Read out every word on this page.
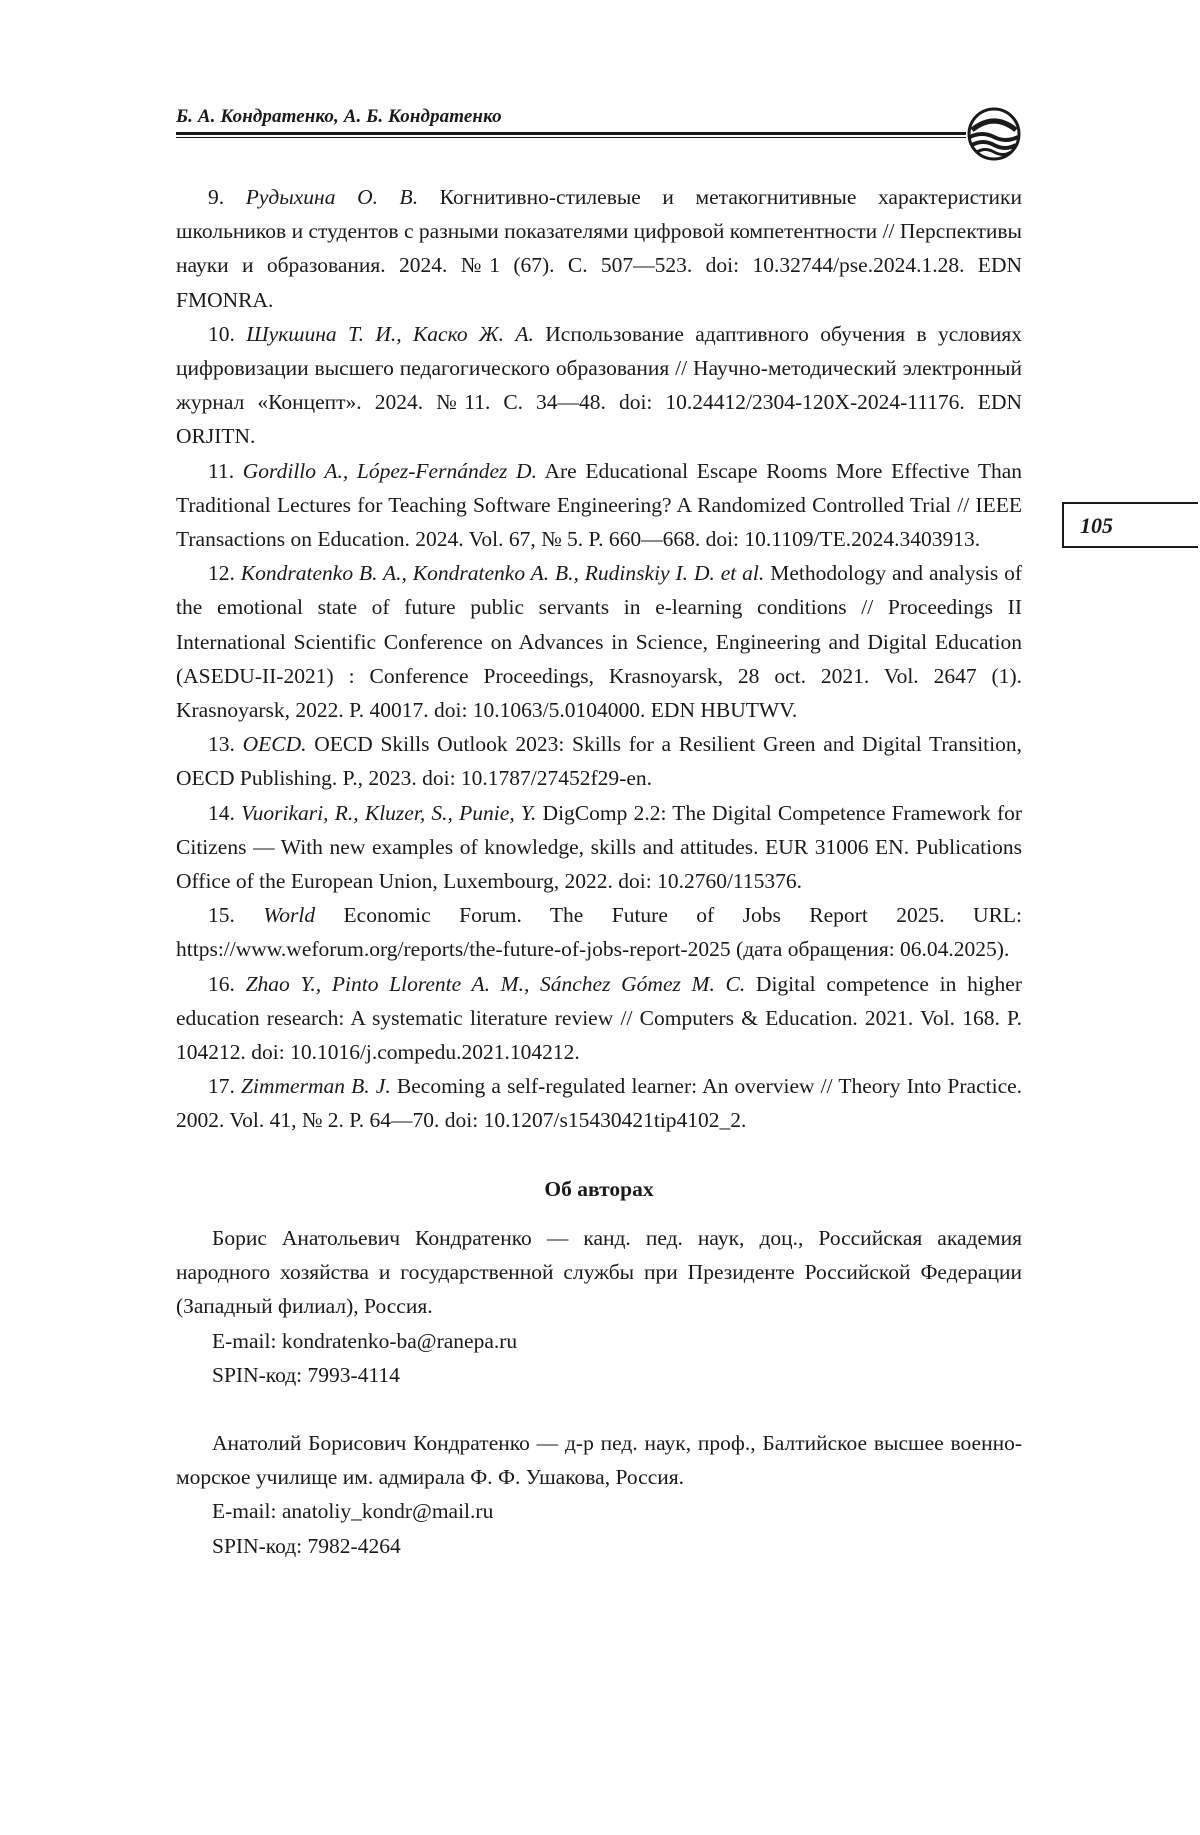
Б. А. Кондратенко, А. Б. Кондратенко
105

9. Рудыхина О. В. Когнитивно-стилевые и метакогнитивные характеристики школьников и студентов с разными показателями цифровой компетентности // Перспективы науки и образования. 2024. №1 (67). С. 507—523. doi: 10.32744/pse.2024.1.28. EDN FMONRA.

10. Шукшина Т. И., Каско Ж. А. Использование адаптивного обучения в условиях цифровизации высшего педагогического образования // Научно-методический электронный журнал «Концепт». 2024. №11. С. 34—48. doi: 10.24412/2304-120X-2024-11176. EDN ORJITN.

11. Gordillo A., López-Fernández D. Are Educational Escape Rooms More Effective Than Traditional Lectures for Teaching Software Engineering? A Randomized Controlled Trial // IEEE Transactions on Education. 2024. Vol. 67, № 5. P. 660—668. doi: 10.1109/TE.2024.3403913.

12. Kondratenko B. A., Kondratenko A. B., Rudinskiy I. D. et al. Methodology and analysis of the emotional state of future public servants in e-learning conditions // Proceedings II International Scientific Conference on Advances in Science, Engineering and Digital Education (ASEDU-II-2021) : Conference Proceedings, Krasnoyarsk, 28 oct. 2021. Vol. 2647 (1). Krasnoyarsk, 2022. P. 40017. doi: 10.1063/5.0104000. EDN HBUTWV.

13. OECD. OECD Skills Outlook 2023: Skills for a Resilient Green and Digital Transition, OECD Publishing. P., 2023. doi: 10.1787/27452f29-en.

14. Vuorikari, R., Kluzer, S., Punie, Y. DigComp 2.2: The Digital Competence Framework for Citizens — With new examples of knowledge, skills and attitudes. EUR 31006 EN. Publications Office of the European Union, Luxembourg, 2022. doi: 10.2760/115376.

15. World Economic Forum. The Future of Jobs Report 2025. URL: https://www.weforum.org/reports/the-future-of-jobs-report-2025 (дата обращения: 06.04.2025).

16. Zhao Y., Pinto Llorente A. M., Sánchez Gómez M. C. Digital competence in higher education research: A systematic literature review // Computers & Education. 2021. Vol. 168. P. 104212. doi: 10.1016/j.compedu.2021.104212.

17. Zimmerman B. J. Becoming a self-regulated learner: An overview // Theory Into Practice. 2002. Vol. 41, № 2. P. 64—70. doi: 10.1207/s15430421tip4102_2.

Об авторах

Борис Анатольевич Кондратенко — канд. пед. наук, доц., Российская академия народного хозяйства и государственной службы при Президенте Российской Федерации (Западный филиал), Россия.

E-mail: kondratenko-ba@ranepa.ru

SPIN-код: 7993-4114

Анатолий Борисович Кондратенко — д-р пед. наук, проф., Балтийское высшее военно-морское училище им. адмирала Ф. Ф. Ушакова, Россия.

E-mail: anatoliy_kondr@mail.ru

SPIN-код: 7982-4264
